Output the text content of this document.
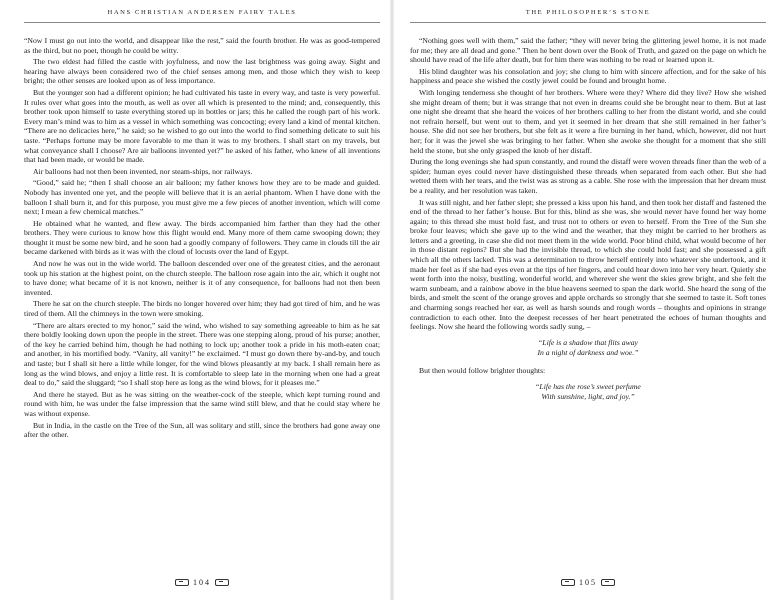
HANS CHRISTIAN ANDERSEN FAIRY TALES

“Now I must go out into the world, and disappear like the rest,” said the fourth brother. He was as good-tempered as the third, but no poet, though he could be witty.

The two eldest had filled the castle with joyfulness, and now the last brightness was going away. Sight and hearing have always been considered two of the chief senses among men, and those which they wish to keep bright; the other senses are looked upon as of less importance.

But the younger son had a different opinion; he had cultivated his taste in every way, and taste is very powerful. It rules over what goes into the mouth, as well as over all which is presented to the mind; and, consequently, this brother took upon himself to taste everything stored up in bottles or jars; this he called the rough part of his work. Every man’s mind was to him as a vessel in which something was concocting; every land a kind of mental kitchen. “There are no delicacies here,” he said; so he wished to go out into the world to find something delicate to suit his taste. “Perhaps fortune may be more favorable to me than it was to my brothers. I shall start on my travels, but what conveyance shall I choose? Are air balloons invented yet?” he asked of his father, who knew of all inventions that had been made, or would be made.

Air balloons had not then been invented, nor steam-ships, nor railways.

“Good,” said he; “then I shall choose an air balloon; my father knows how they are to be made and guided. Nobody has invented one yet, and the people will believe that it is an aerial phantom. When I have done with the balloon I shall burn it, and for this purpose, you must give me a few pieces of another invention, which will come next; I mean a few chemical matches.”

He obtained what he wanted, and flew away. The birds accompanied him farther than they had the other brothers. They were curious to know how this flight would end. Many more of them came swooping down; they thought it must be some new bird, and he soon had a goodly company of followers. They came in clouds till the air became darkened with birds as it was with the cloud of locusts over the land of Egypt.

And now he was out in the wide world. The balloon descended over one of the greatest cities, and the aeronaut took up his station at the highest point, on the church steeple. The balloon rose again into the air, which it ought not to have done; what became of it is not known, neither is it of any consequence, for balloons had not then been invented.

There he sat on the church steeple. The birds no longer hovered over him; they had got tired of him, and he was tired of them. All the chimneys in the town were smoking.

“There are altars erected to my honor,” said the wind, who wished to say something agreeable to him as he sat there boldly looking down upon the people in the street. There was one stepping along, proud of his purse; another, of the key he carried behind him, though he had nothing to lock up; another took a pride in his moth-eaten coat; and another, in his mortified body. “Vanity, all vanity!” he exclaimed. “I must go down there by-and-by, and touch and taste; but I shall sit here a little while longer, for the wind blows pleasantly at my back. I shall remain here as long as the wind blows, and enjoy a little rest. It is comfortable to sleep late in the morning when one had a great deal to do,” said the sluggard; “so I shall stop here as long as the wind blows, for it pleases me.”

And there he stayed. But as he was sitting on the weather-cock of the steeple, which kept turning round and round with him, he was under the false impression that the same wind still blew, and that he could stay where he was without expense.

But in India, in the castle on the Tree of the Sun, all was solitary and still, since the brothers had gone away one after the other.

104
THE PHILOSOPHER’S STONE

“Nothing goes well with them,” said the father; “they will never bring the glittering jewel home, it is not made for me; they are all dead and gone.” Then he bent down over the Book of Truth, and gazed on the page on which he should have read of the life after death, but for him there was nothing to be read or learned upon it.

His blind daughter was his consolation and joy; she clung to him with sincere affection, and for the sake of his happiness and peace she wished the costly jewel could be found and brought home.

With longing tenderness she thought of her brothers. Where were they? Where did they live? How she wished she might dream of them; but it was strange that not even in dreams could she be brought near to them. But at last one night she dreamt that she heard the voices of her brothers calling to her from the distant world, and she could not refrain herself, but went out to them, and yet it seemed in her dream that she still remained in her father’s house. She did not see her brothers, but she felt as it were a fire burning in her hand, which, however, did not hurt her; for it was the jewel she was bringing to her father. When she awoke she thought for a moment that she still held the stone, but she only grasped the knob of her distaff.

During the long evenings she had spun constantly, and round the distaff were woven threads finer than the web of a spider; human eyes could never have distinguished these threads when separated from each other. But she had wetted them with her tears, and the twist was as strong as a cable. She rose with the impression that her dream must be a reality, and her resolution was taken.

It was still night, and her father slept; she pressed a kiss upon his hand, and then took her distaff and fastened the end of the thread to her father’s house. But for this, blind as she was, she would never have found her way home again; to this thread she must hold fast, and trust not to others or even to herself. From the Tree of the Sun she broke four leaves; which she gave up to the wind and the weather, that they might be carried to her brothers as letters and a greeting, in case she did not meet them in the wide world. Poor blind child, what would become of her in those distant regions? But she had the invisible thread, to which she could hold fast; and she possessed a gift which all the others lacked. This was a determination to throw herself entirely into whatever she undertook, and it made her feel as if she had eyes even at the tips of her fingers, and could hear down into her very heart. Quietly she went forth into the noisy, bustling, wonderful world, and wherever she went the skies grew bright, and she felt the warm sunbeam, and a rainbow above in the blue heavens seemed to span the dark world. She heard the song of the birds, and smelt the scent of the orange groves and apple orchards so strongly that she seemed to taste it. Soft tones and charming songs reached her ear, as well as harsh sounds and rough words – thoughts and opinions in strange contradiction to each other. Into the deepest recesses of her heart penetrated the echoes of human thoughts and feelings. Now she heard the following words sadly sung, –

“Life is a shadow that flits away
In a night of darkness and woe.”

But then would follow brighter thoughts:

“Life has the rose’s sweet perfume
With sunshine, light, and joy.”
105
